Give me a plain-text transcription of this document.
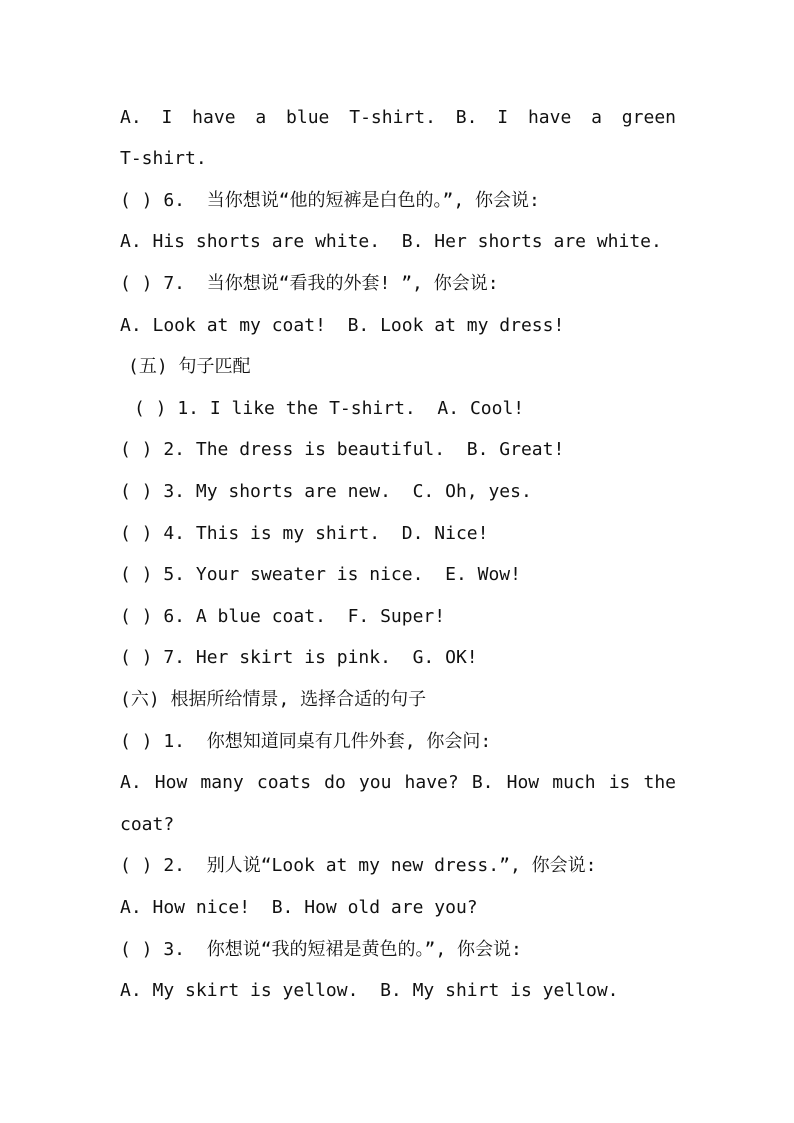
A. I have a blue T-shirt. B. I have a green
T-shirt.
( ) 6.  当你想说“他的短裤是白色的。”, 你会说:
A. His shorts are white.  B. Her shorts are white.
( ) 7.  当你想说“看我的外套! ”, 你会说:
A. Look at my coat!  B. Look at my dress!
(五) 句子匹配
( ) 1. I like the T-shirt.  A. Cool!
( ) 2. The dress is beautiful.  B. Great!
( ) 3. My shorts are new.  C. Oh, yes.
( ) 4. This is my shirt.  D. Nice!
( ) 5. Your sweater is nice.  E. Wow!
( ) 6. A blue coat.  F. Super!
( ) 7. Her skirt is pink.  G. OK!
(六) 根据所给情景, 选择合适的句子
( ) 1.  你想知道同桌有几件外套, 你会问:
A. How many coats do you have? B. How much is the
coat?
( ) 2.  别人说“Look at my new dress.”, 你会说:
A. How nice!  B. How old are you?
( ) 3.  你想说“我的短裙是黄色的。”, 你会说:
A. My skirt is yellow.  B. My shirt is yellow.
